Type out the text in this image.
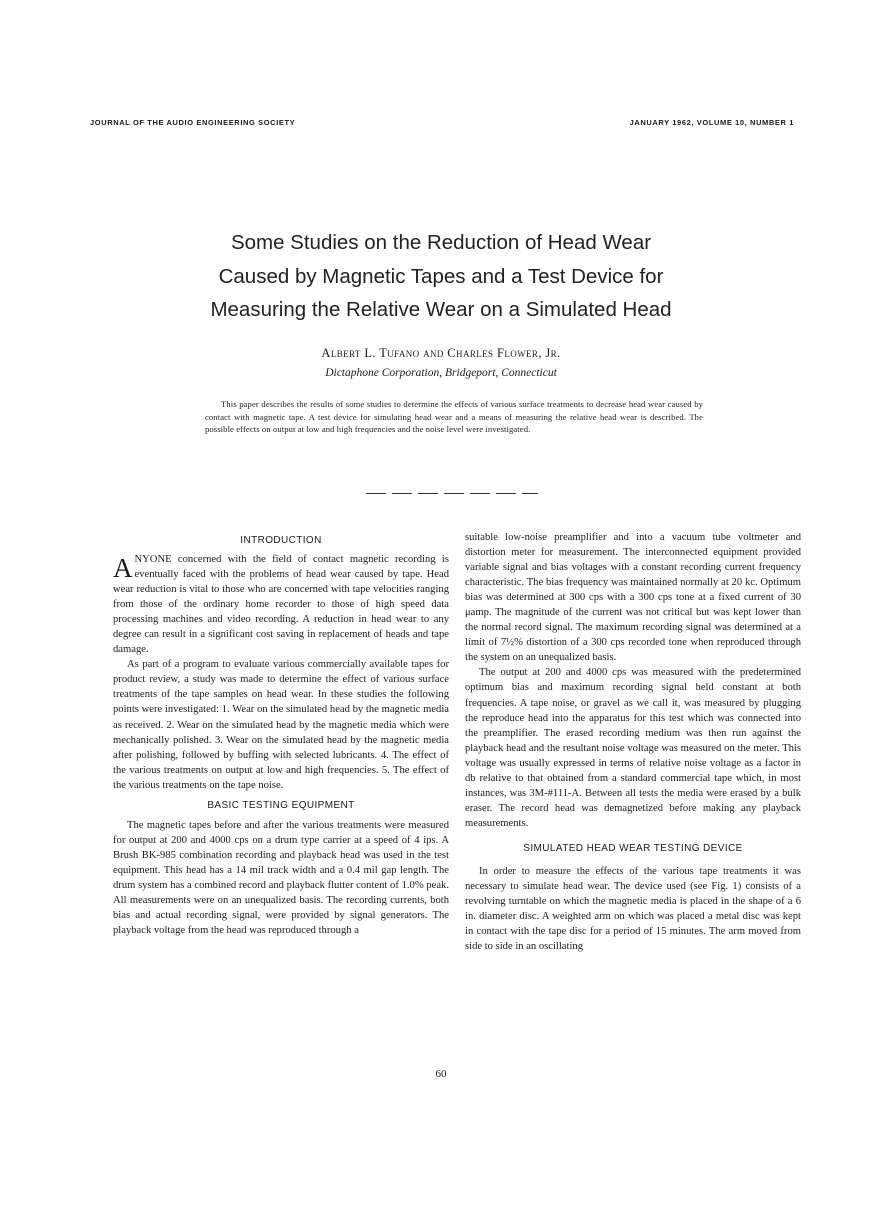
JOURNAL OF THE AUDIO ENGINEERING SOCIETY	JANUARY 1962, VOLUME 10, NUMBER 1
Some Studies on the Reduction of Head Wear
Caused by Magnetic Tapes and a Test Device for
Measuring the Relative Wear on a Simulated Head
Albert L. Tufano and Charles Flower, Jr.
Dictaphone Corporation, Bridgeport, Connecticut
This paper describes the results of some studies to determine the effects of various surface treatments to decrease head wear caused by contact with magnetic tape. A test device for simulating head wear and a means of measuring the relative head wear is described. The possible effects on output at low and high frequencies and the noise level were investigated.
INTRODUCTION

ANYONE concerned with the field of contact magnetic recording is eventually faced with the problems of head wear caused by tape. Head wear reduction is vital to those who are concerned with tape velocities ranging from those of the ordinary home recorder to those of high speed data processing machines and video recording. A reduction in head wear to any degree can result in a significant cost saving in replacement of heads and tape damage.

As part of a program to evaluate various commercially available tapes for product review, a study was made to determine the effect of various surface treatments of the tape samples on head wear. In these studies the following points were investigated: 1. Wear on the simulated head by the magnetic media as received. 2. Wear on the simulated head by the magnetic media which were mechanically polished. 3. Wear on the simulated head by the magnetic media after polishing, followed by buffing with selected lubricants. 4. The effect of the various treatments on output at low and high frequencies. 5. The effect of the various treatments on the tape noise.

BASIC TESTING EQUIPMENT

The magnetic tapes before and after the various treatments were measured for output at 200 and 4000 cps on a drum type carrier at a speed of 4 ips. A Brush BK-985 combination recording and playback head was used in the test equipment. This head has a 14 mil track width and a 0.4 mil gap length. The drum system has a combined record and playback flutter content of 1.0% peak. All measurements were on an unequalized basis. The recording currents, both bias and actual recording signal, were provided by signal generators. The playback voltage from the head was reproduced through a

suitable low-noise preamplifier and into a vacuum tube voltmeter and distortion meter for measurement. The interconnected equipment provided variable signal and bias voltages with a constant recording current frequency characteristic. The bias frequency was maintained normally at 20 kc. Optimum bias was determined at 300 cps with a 300 cps tone at a fixed current of 30 μamp. The magnitude of the current was not critical but was kept lower than the normal record signal. The maximum recording signal was determined at a limit of 7½% distortion of a 300 cps recorded tone when reproduced through the system on an unequalized basis.

The output at 200 and 4000 cps was measured with the predetermined optimum bias and maximum recording signal held constant at both frequencies. A tape noise, or gravel as we call it, was measured by plugging the reproduce head into the apparatus for this test which was connected into the preamplifier. The erased recording medium was then run against the playback head and the resultant noise voltage was measured on the meter. This voltage was usually expressed in terms of relative noise voltage as a factor in db relative to that obtained from a standard commercial tape which, in most instances, was 3M-#111-A. Between all tests the media were erased by a bulk eraser. The record head was demagnetized before making any playback measurements.

SIMULATED HEAD WEAR TESTING DEVICE

In order to measure the effects of the various tape treatments it was necessary to simulate head wear. The device used (see Fig. 1) consists of a revolving turntable on which the magnetic media is placed in the shape of a 6 in. diameter disc. A weighted arm on which was placed a metal disc was kept in contact with the tape disc for a period of 15 minutes. The arm moved from side to side in an oscillating

60
